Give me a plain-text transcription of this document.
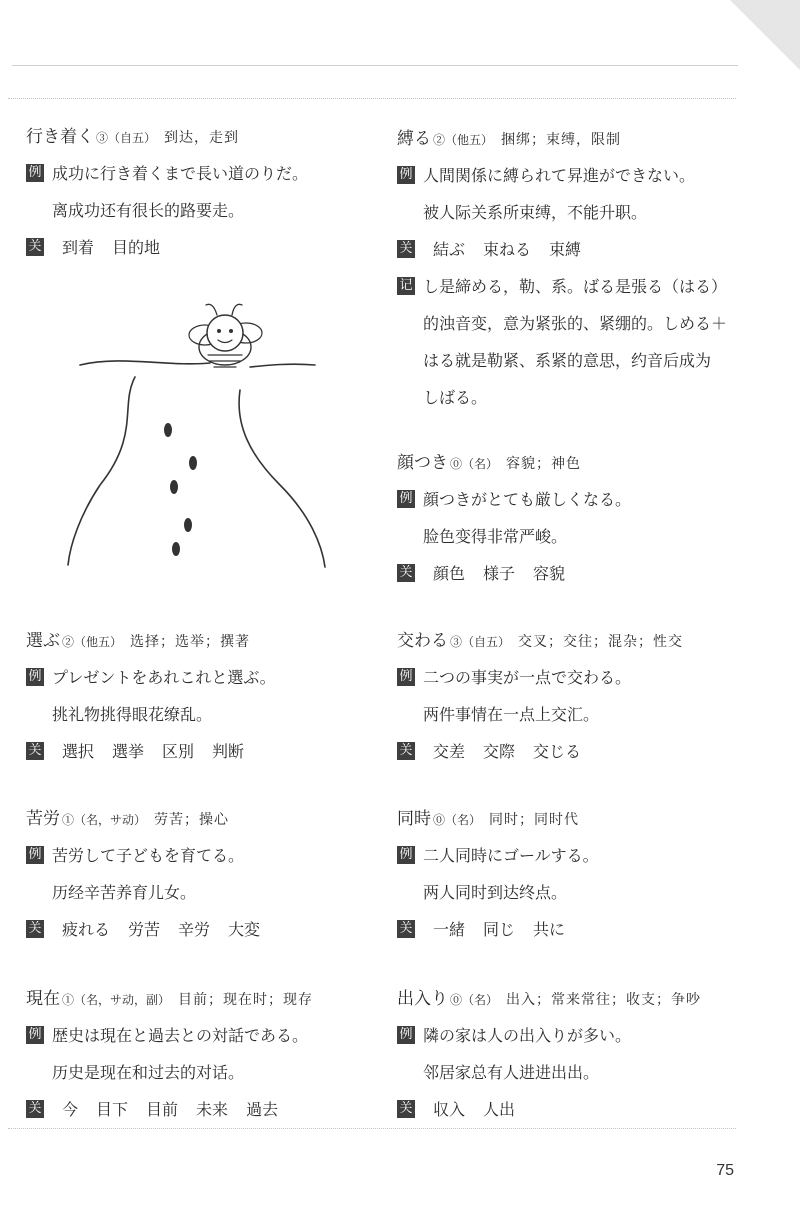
行き着く ③（自五） 到达，走到
例 成功に行き着くまで長い道のりだ。
离成功还有很长的路要走。
关 到着 目的地
選ぶ ②（他五） 选择；选举；撰著
例 プレゼントをあれこれと選ぶ。
挑礼物挑得眼花缭乱。
关 選択 選挙 区別 判断
苦労 ①（名，サ动） 劳苦；操心
例 苦労して子どもを育てる。
历经辛苦养育儿女。
关 疲れる 労苦 辛労 大変
現在 ①（名，サ动，副） 目前；现在时；现存
例 歴史は現在と過去との対話である。
历史是现在和过去的对话。
关 今 目下 目前 未来 過去
縛る ②（他五） 捆绑；束缚，限制
例 人間関係に縛られて昇進ができない。
被人际关系所束缚，不能升职。
关 結ぶ 束ねる 束縛
记 し是締める，勒、系。ばる是張る（はる）
的浊音变，意为紧张的、紧绷的。しめる＋
はる就是勒紧、系紧的意思，约音后成为
しばる。
顔つき ⓪（名） 容貌；神色
例 顔つきがとても厳しくなる。
脸色变得非常严峻。
关 顔色 様子 容貌
交わる ③（自五） 交叉；交往；混杂；性交
例 二つの事実が一点で交わる。
两件事情在一点上交汇。
关 交差 交際 交じる
同時 ⓪（名） 同时；同时代
例 二人同時にゴールする。
两人同时到达终点。
关 一緒 同じ 共に
出入り ⓪（名） 出入；常来常往；收支；争吵
例 隣の家は人の出入りが多い。
邻居家总有人进进出出。
关 収入 人出
75
